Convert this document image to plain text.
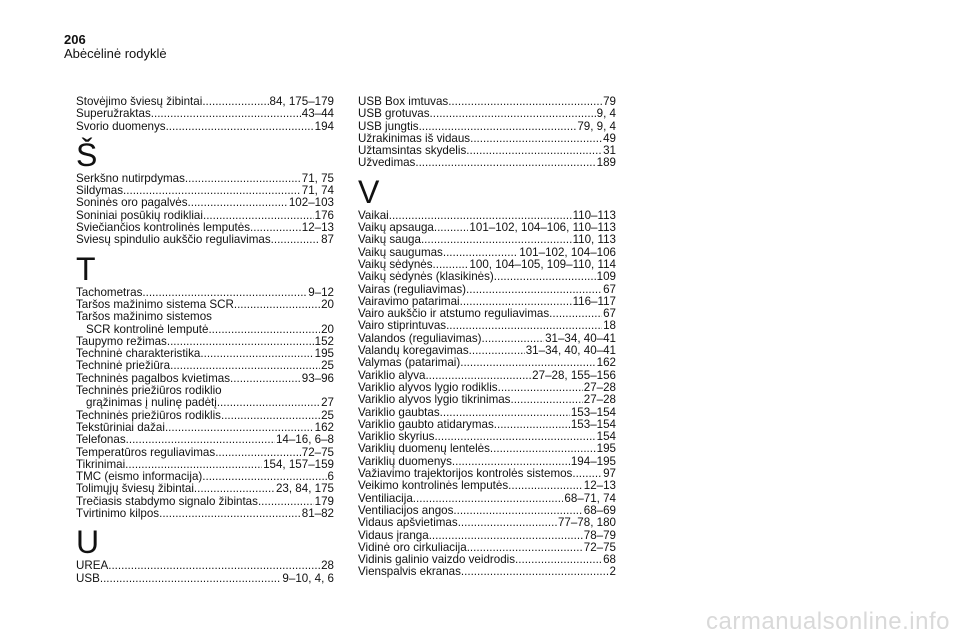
206
Abėcėlinė rodyklė
Stovėjimo šviesų žibintai .....	84, 175–179
Superužraktas .....	43–44
Svorio duomenys .....	194
Š
Šerkšno nutirpdymas .....	71, 75
Šildymas .....	71, 74
Šoninės oro pagalvės .....	102–103
Šoniniai posūkių rodikliai .....	176
Šviečiančios kontrolinės lemputės .....	12–13
Šviesų spindulio aukščio reguliavimas .....	87
T
Tachometras .....	9–12
Taršos mažinimo sistema SCR .....	20
Taršos mažinimo sistemos
SCR kontrolinė lemputė .....	20
Taupymo režimas .....	152
Techninė charakteristika .....	195
Techninė priežiūra .....	25
Techninės pagalbos kvietimas .....	93–96
Techninės priežiūros rodiklio
grąžinimas į nulinę padėtį .....	27
Techninės priežiūros rodiklis .....	25
Tekstūriniai dažai .....	162
Telefonas .....	14–16, 6–8
Temperatūros reguliavimas .....	72–75
Tikrinimai .....	154, 157–159
TMC (eismo informacija) .....	6
Tolimųjų šviesų žibintai .....	23, 84, 175
Trečiasis stabdymo signalo žibintas .....	179
Tvirtinimo kilpos .....	81–82
U
UREA .....	28
USB .....	9–10, 4, 6
USB Box imtuvas .....	79
USB grotuvas .....	9, 4
USB jungtis .....	79, 9, 4
Užrakinimas iš vidaus .....	49
Užtamsintas skydelis .....	31
Užvedimas .....	189
V
Vaikai .....	110–113
Vaikų apsauga .....	101–102, 104–106, 110–113
Vaikų sauga .....	110, 113
Vaikų saugumas .....	101–102, 104–106
Vaikų sėdynės .....	100, 104–105, 109–110, 114
Vaikų sėdynės (klasikinės) .....	109
Vairas (reguliavimas) .....	67
Vairavimo patarimai .....	116–117
Vairo aukščio ir atstumo reguliavimas .....	67
Vairo stiprintuvas .....	18
Valandos (reguliavimas) .....	31–34, 40–41
Valandų koregavimas .....	31–34, 40, 40–41
Valymas (patarimai) .....	162
Variklio alyva .....	27–28, 155–156
Variklio alyvos lygio rodiklis .....	27–28
Variklio alyvos lygio tikrinimas .....	27–28
Variklio gaubtas .....	153–154
Variklio gaubto atidarymas .....	153–154
Variklio skyrius .....	154
Variklių duomenų lentelės .....	195
Variklių duomenys .....	194–195
Važiavimo trajektorijos kontrolės sistemos .....	97
Veikimo kontrolinės lemputės .....	12–13
Ventiliacija .....	68–71, 74
Ventiliacijos angos .....	68–69
Vidaus apšvietimas .....	77–78, 180
Vidaus įranga .....	78–79
Vidinė oro cirkuliacija .....	72–75
Vidinis galinio vaizdo veidrodis .....	68
Vienspalvis ekranas .....	2
carmanualsonline.info
